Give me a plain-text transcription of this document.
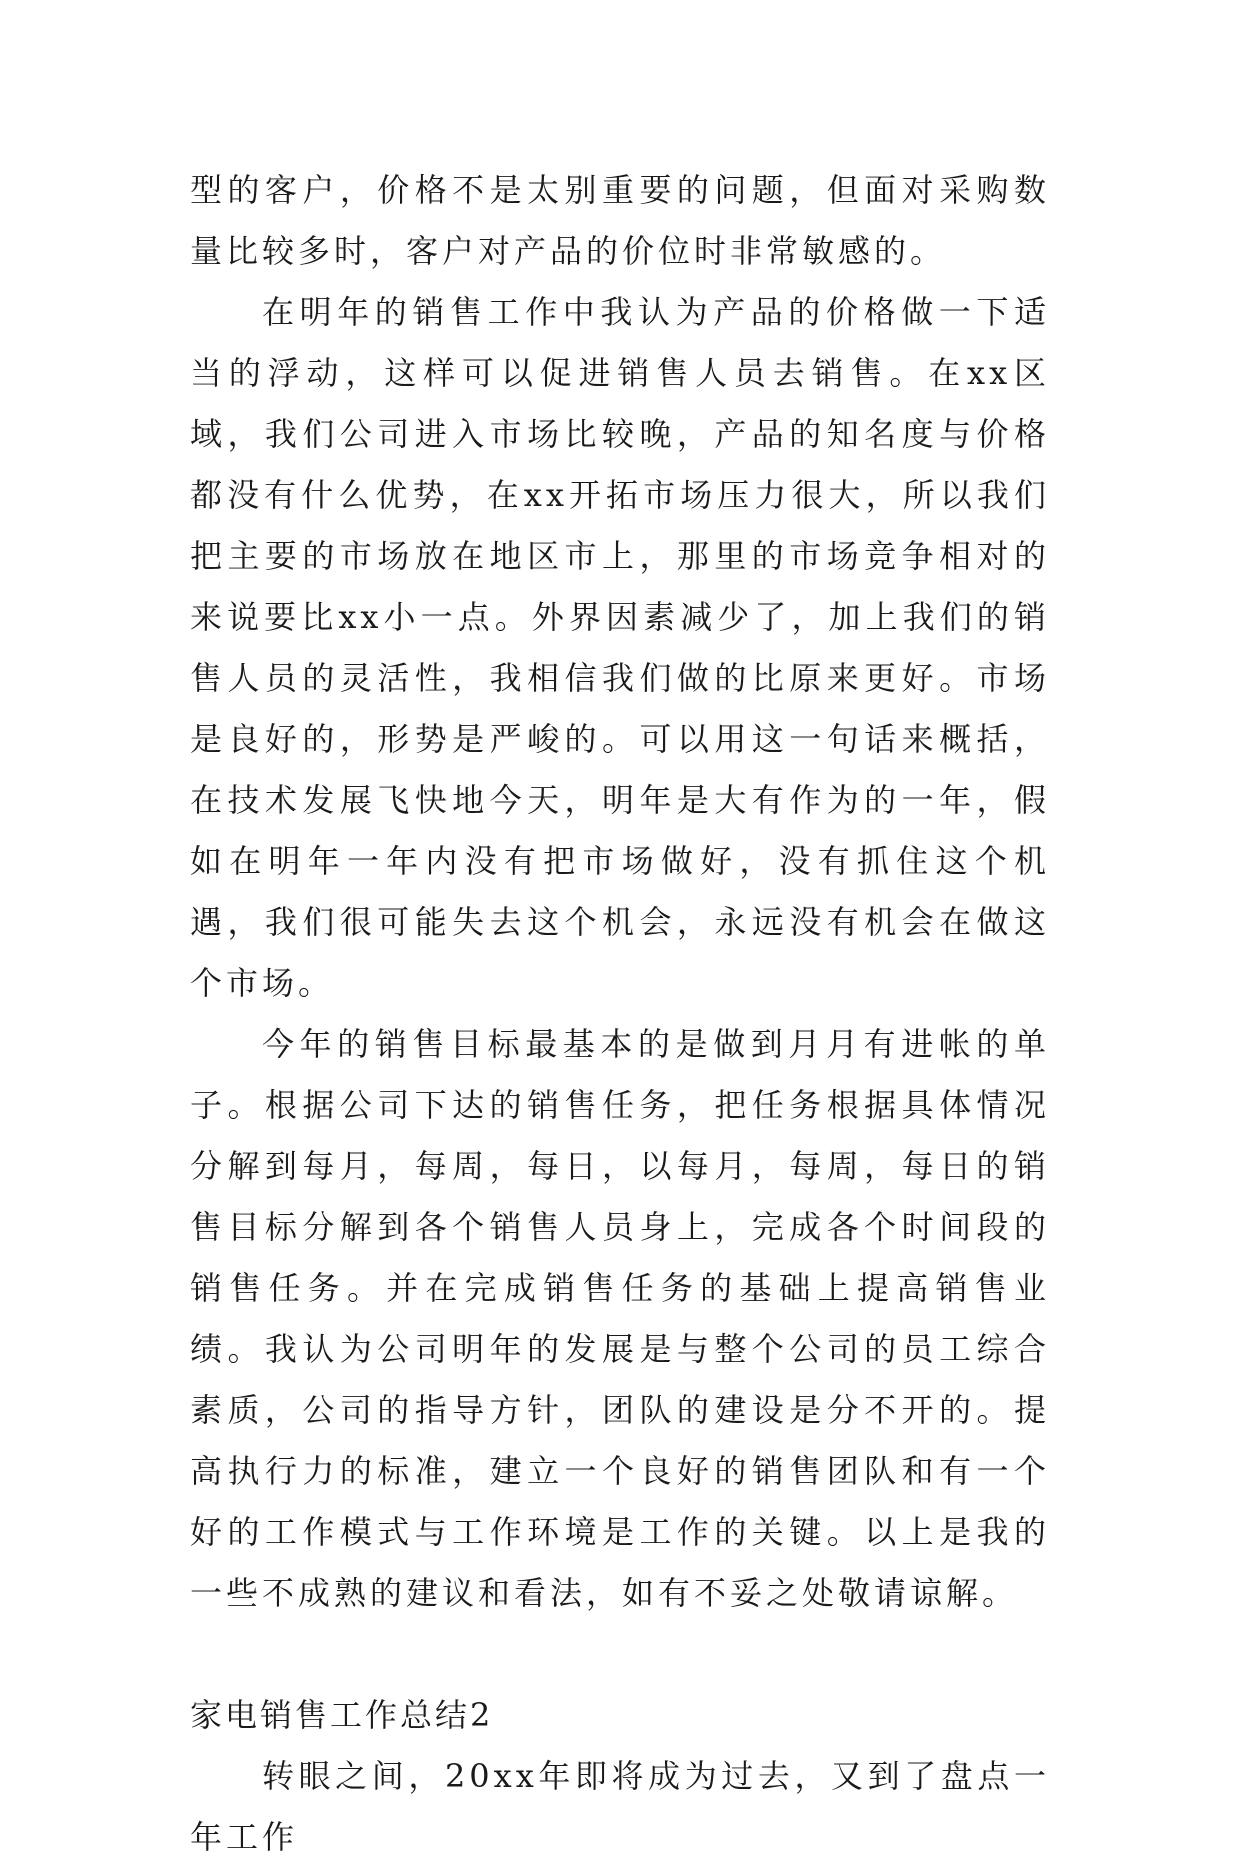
型的客户，价格不是太别重要的问题，但面对采购数量比较多时，客户对产品的价位时非常敏感的。

在明年的销售工作中我认为产品的价格做一下适当的浮动，这样可以促进销售人员去销售。在xx区域，我们公司进入市场比较晚，产品的知名度与价格都没有什么优势，在xx开拓市场压力很大，所以我们把主要的市场放在地区市上，那里的市场竞争相对的来说要比xx小一点。外界因素减少了，加上我们的销售人员的灵活性，我相信我们做的比原来更好。市场是良好的，形势是严峻的。可以用这一句话来概括，在技术发展飞快地今天，明年是大有作为的一年，假如在明年一年内没有把市场做好，没有抓住这个机遇，我们很可能失去这个机会，永远没有机会在做这个市场。

今年的销售目标最基本的是做到月月有进帐的单子。根据公司下达的销售任务，把任务根据具体情况分解到每月，每周，每日，以每月，每周，每日的销售目标分解到各个销售人员身上，完成各个时间段的销售任务。并在完成销售任务的基础上提高销售业绩。我认为公司明年的发展是与整个公司的员工综合素质，公司的指导方针，团队的建设是分不开的。提高执行力的标准，建立一个良好的销售团队和有一个好的工作模式与工作环境是工作的关键。以上是我的一些不成熟的建议和看法，如有不妥之处敬请谅解。

家电销售工作总结2

转眼之间，20xx年即将成为过去，又到了盘点一年工作
